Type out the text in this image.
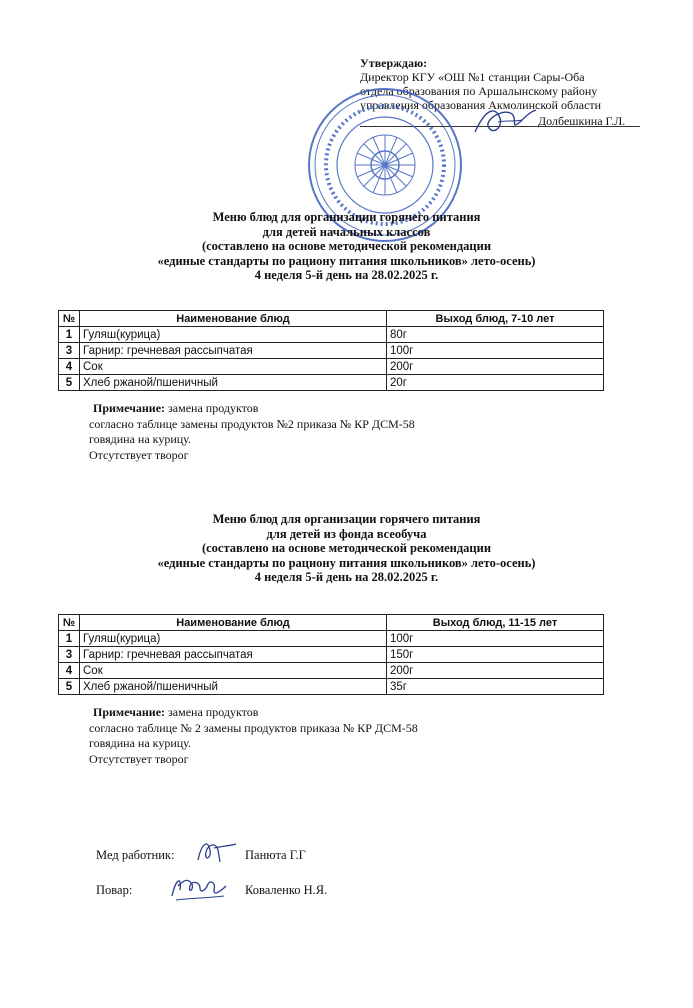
Утверждаю:
Директор КГУ «ОШ №1 станции Сары-Оба
отдела образования по Аршалынскому району
управления образования Акмолинской области

Долбешкина Г.Л.
Меню блюд для организации горячего питания
для детей начальных классов
(составлено на основе методической рекомендации
«единые стандарты по рациону питания школьников» лето-осень)
4 неделя 5-й день на 28.02.2025 г.
№	Наименование блюд	Выход блюд, 7-10 лет
1	Гуляш(курица)	80г
3	Гарнир: гречневая рассыпчатая	100г
4	Сок	200г
5	Хлеб ржаной/пшеничный	20г
Примечание: замена продуктов
согласно таблице замены продуктов №2 приказа № КР ДСМ-58
говядина на курицу.
Отсутствует творог
Меню блюд для организации горячего питания
для детей из фонда всеобуча
(составлено на основе методической рекомендации
«единые стандарты по рациону питания школьников» лето-осень)
4 неделя 5-й день на 28.02.2025 г.
№	Наименование блюд	Выход блюд, 11-15 лет
1	Гуляш(курица)	100г
3	Гарнир: гречневая рассыпчатая	150г
4	Сок	200г
5	Хлеб ржаной/пшеничный	35г
Примечание: замена продуктов
согласно таблице № 2 замены продуктов приказа № КР ДСМ-58
говядина на курицу.
Отсутствует творог
Мед работник:	Панюта Г.Г
Повар:	Коваленко Н.Я.
